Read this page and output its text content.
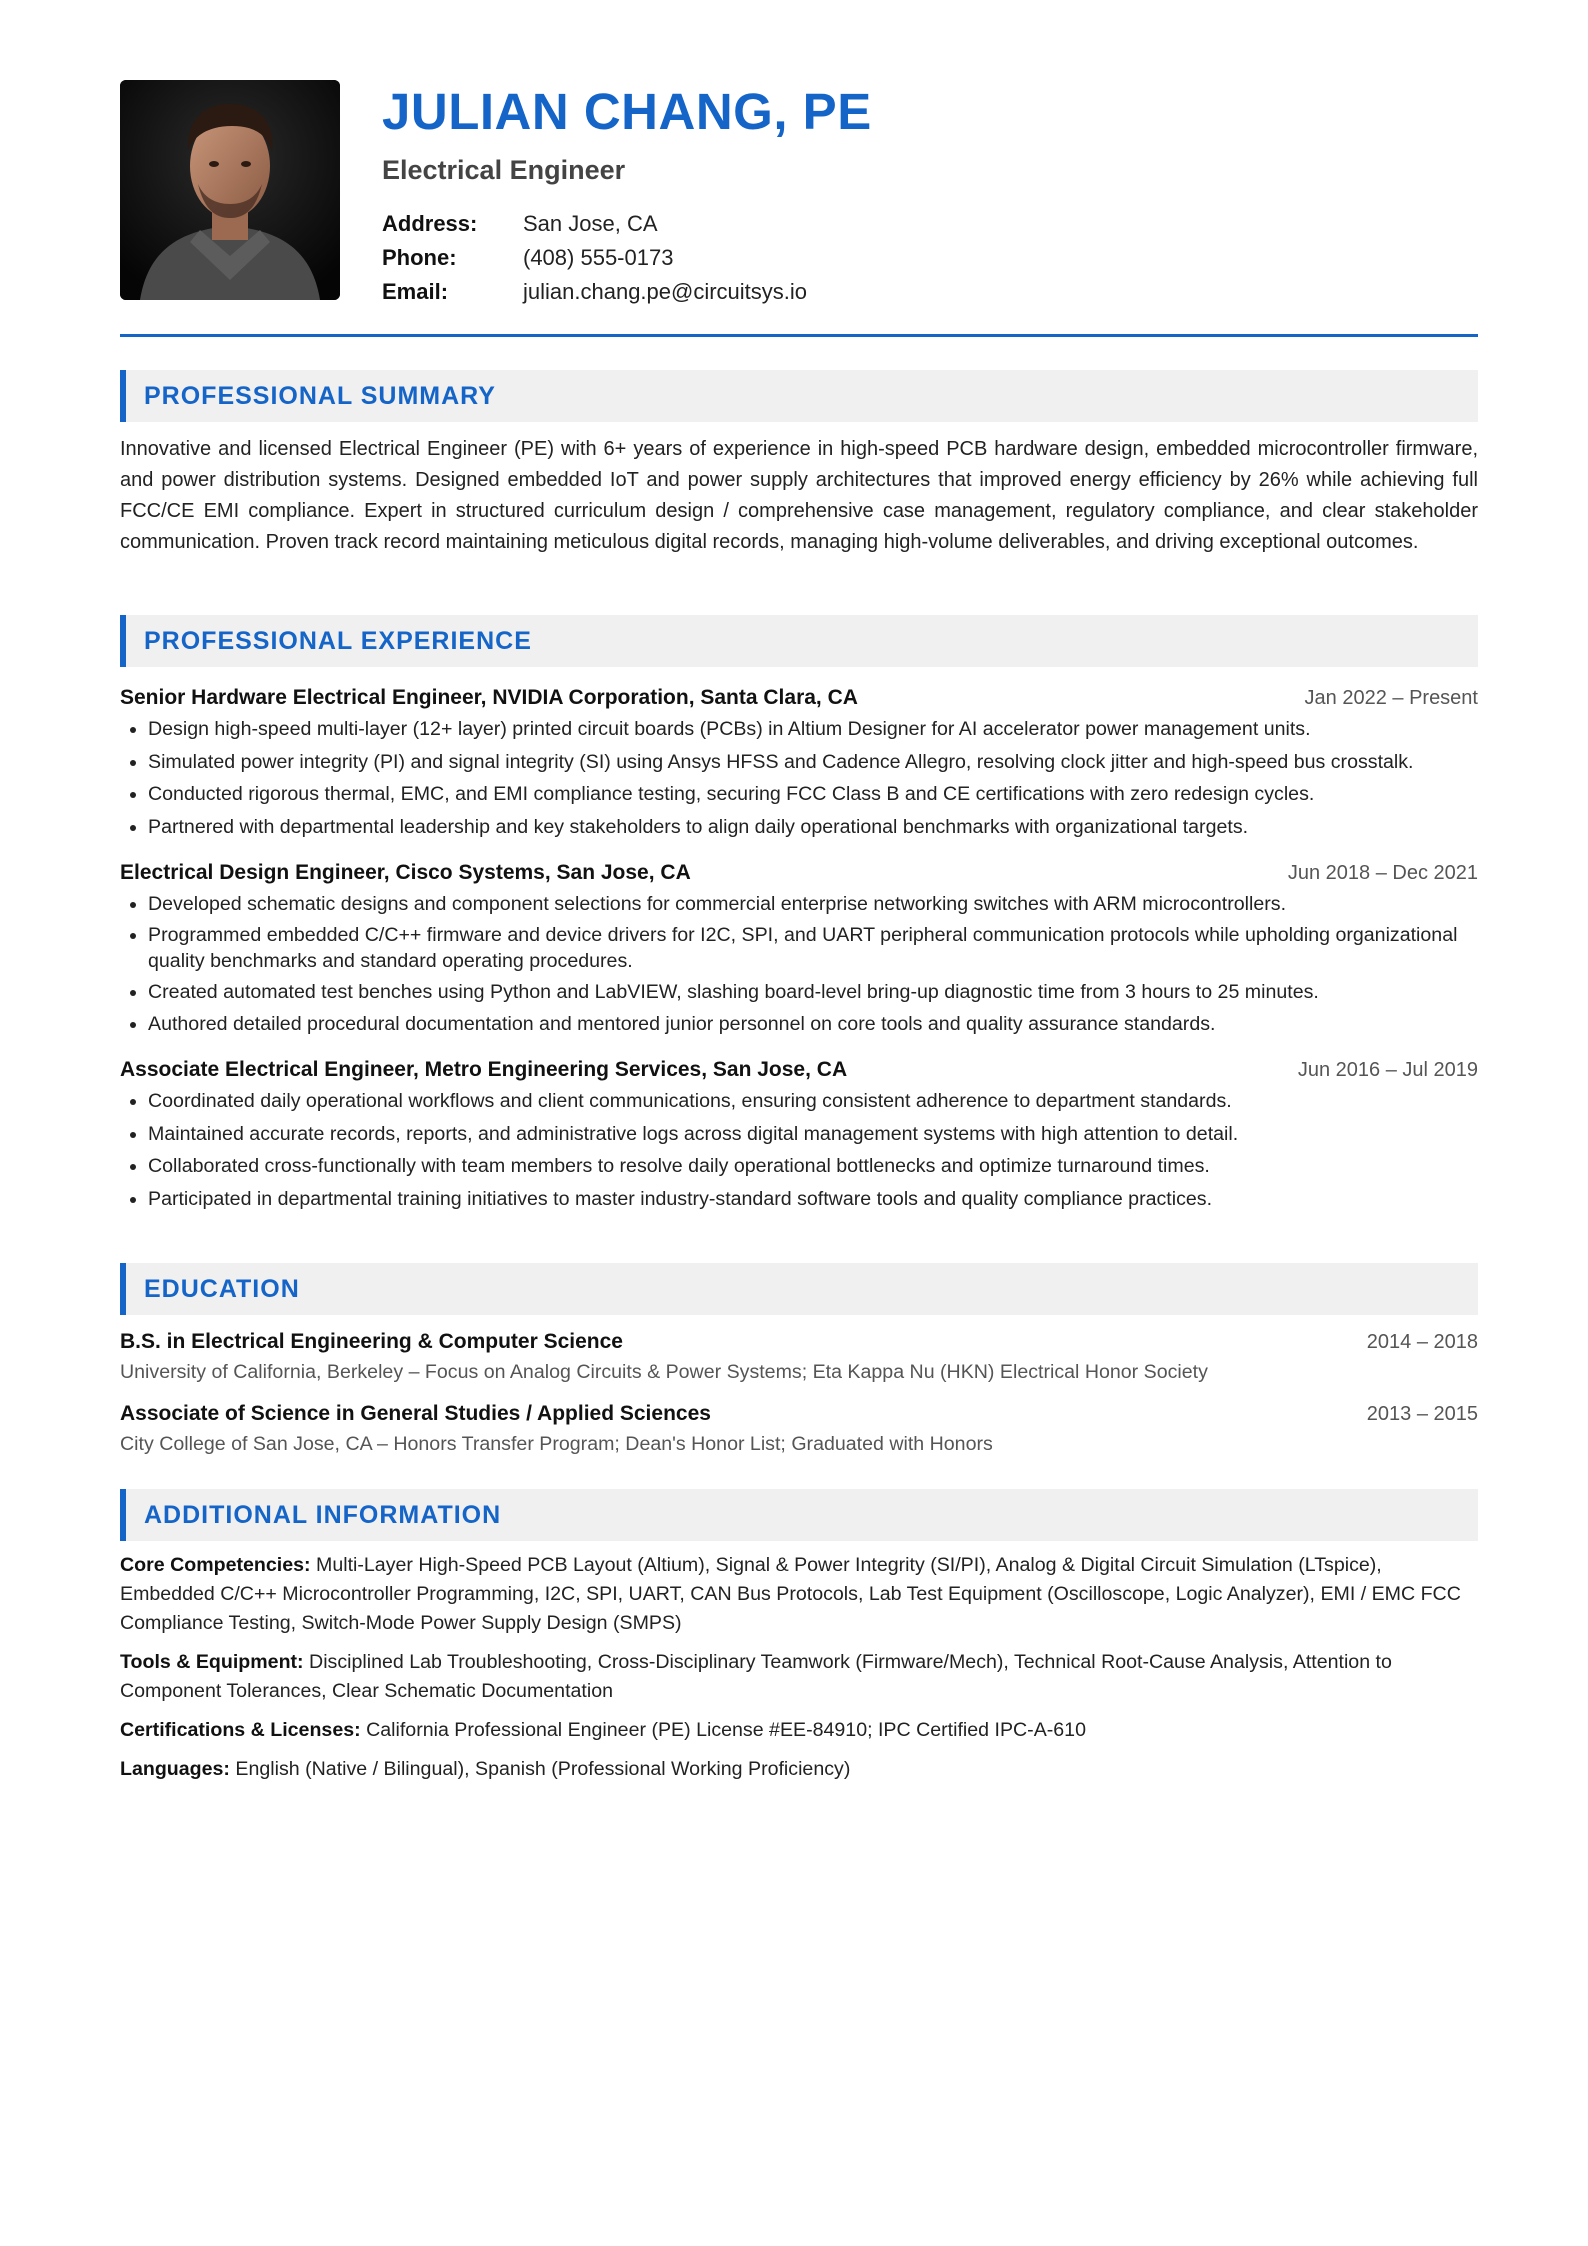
JULIAN CHANG, PE
Electrical Engineer
Address: San Jose, CA
Phone:	(408) 555-0173
Email:	julian.chang.pe@circuitsys.io
PROFESSIONAL SUMMARY
Innovative and licensed Electrical Engineer (PE) with 6+ years of experience in high-speed PCB hardware design, embedded microcontroller firmware, and power distribution systems. Designed embedded IoT and power supply architectures that improved energy efficiency by 26% while achieving full FCC/CE EMI compliance. Expert in structured curriculum design / comprehensive case management, regulatory compliance, and clear stakeholder communication. Proven track record maintaining meticulous digital records, managing high-volume deliverables, and driving exceptional outcomes.
PROFESSIONAL EXPERIENCE
Senior Hardware Electrical Engineer, NVIDIA Corporation, Santa Clara, CA	Jan 2022 – Present
• Design high-speed multi-layer (12+ layer) printed circuit boards (PCBs) in Altium Designer for AI accelerator power management units.
• Simulated power integrity (PI) and signal integrity (SI) using Ansys HFSS and Cadence Allegro, resolving clock jitter and high-speed bus crosstalk.
• Conducted rigorous thermal, EMC, and EMI compliance testing, securing FCC Class B and CE certifications with zero redesign cycles.
• Partnered with departmental leadership and key stakeholders to align daily operational benchmarks with organizational targets.
Electrical Design Engineer, Cisco Systems, San Jose, CA	Jun 2018 – Dec 2021
• Developed schematic designs and component selections for commercial enterprise networking switches with ARM microcontrollers.
• Programmed embedded C/C++ firmware and device drivers for I2C, SPI, and UART peripheral communication protocols while upholding organizational quality benchmarks and standard operating procedures.
• Created automated test benches using Python and LabVIEW, slashing board-level bring-up diagnostic time from 3 hours to 25 minutes.
• Authored detailed procedural documentation and mentored junior personnel on core tools and quality assurance standards.
Associate Electrical Engineer, Metro Engineering Services, San Jose, CA	Jun 2016 – Jul 2019
• Coordinated daily operational workflows and client communications, ensuring consistent adherence to department standards.
• Maintained accurate records, reports, and administrative logs across digital management systems with high attention to detail.
• Collaborated cross-functionally with team members to resolve daily operational bottlenecks and optimize turnaround times.
• Participated in departmental training initiatives to master industry-standard software tools and quality compliance practices.
EDUCATION
B.S. in Electrical Engineering & Computer Science	2014 – 2018
University of California, Berkeley – Focus on Analog Circuits & Power Systems; Eta Kappa Nu (HKN) Electrical Honor Society
Associate of Science in General Studies / Applied Sciences	2013 – 2015
City College of San Jose, CA – Honors Transfer Program; Dean's Honor List; Graduated with Honors
ADDITIONAL INFORMATION
Core Competencies: Multi-Layer High-Speed PCB Layout (Altium), Signal & Power Integrity (SI/PI), Analog & Digital Circuit Simulation (LTspice), Embedded C/C++ Microcontroller Programming, I2C, SPI, UART, CAN Bus Protocols, Lab Test Equipment (Oscilloscope, Logic Analyzer), EMI / EMC FCC Compliance Testing, Switch-Mode Power Supply Design (SMPS)
Tools & Equipment: Disciplined Lab Troubleshooting, Cross-Disciplinary Teamwork (Firmware/Mech), Technical Root-Cause Analysis, Attention to Component Tolerances, Clear Schematic Documentation
Certifications & Licenses: California Professional Engineer (PE) License #EE-84910; IPC Certified IPC-A-610
Languages: English (Native / Bilingual), Spanish (Professional Working Proficiency)
